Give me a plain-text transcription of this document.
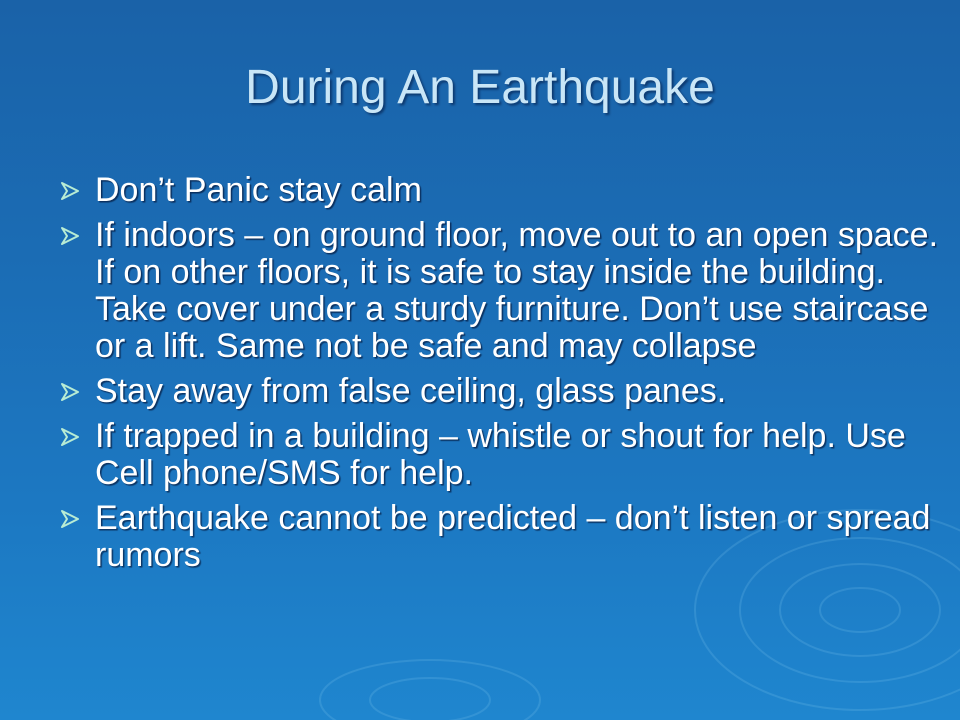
During An Earthquake
Don’t Panic stay calm
If indoors – on ground floor, move out to an open space. If on other floors, it is safe to stay inside the building. Take cover under a sturdy furniture. Don’t use staircase or a lift. Same not be safe and may collapse
Stay away from false ceiling, glass panes.
If trapped in a building – whistle or shout for help. Use Cell phone/SMS for help.
Earthquake cannot be predicted – don’t listen or spread rumors
